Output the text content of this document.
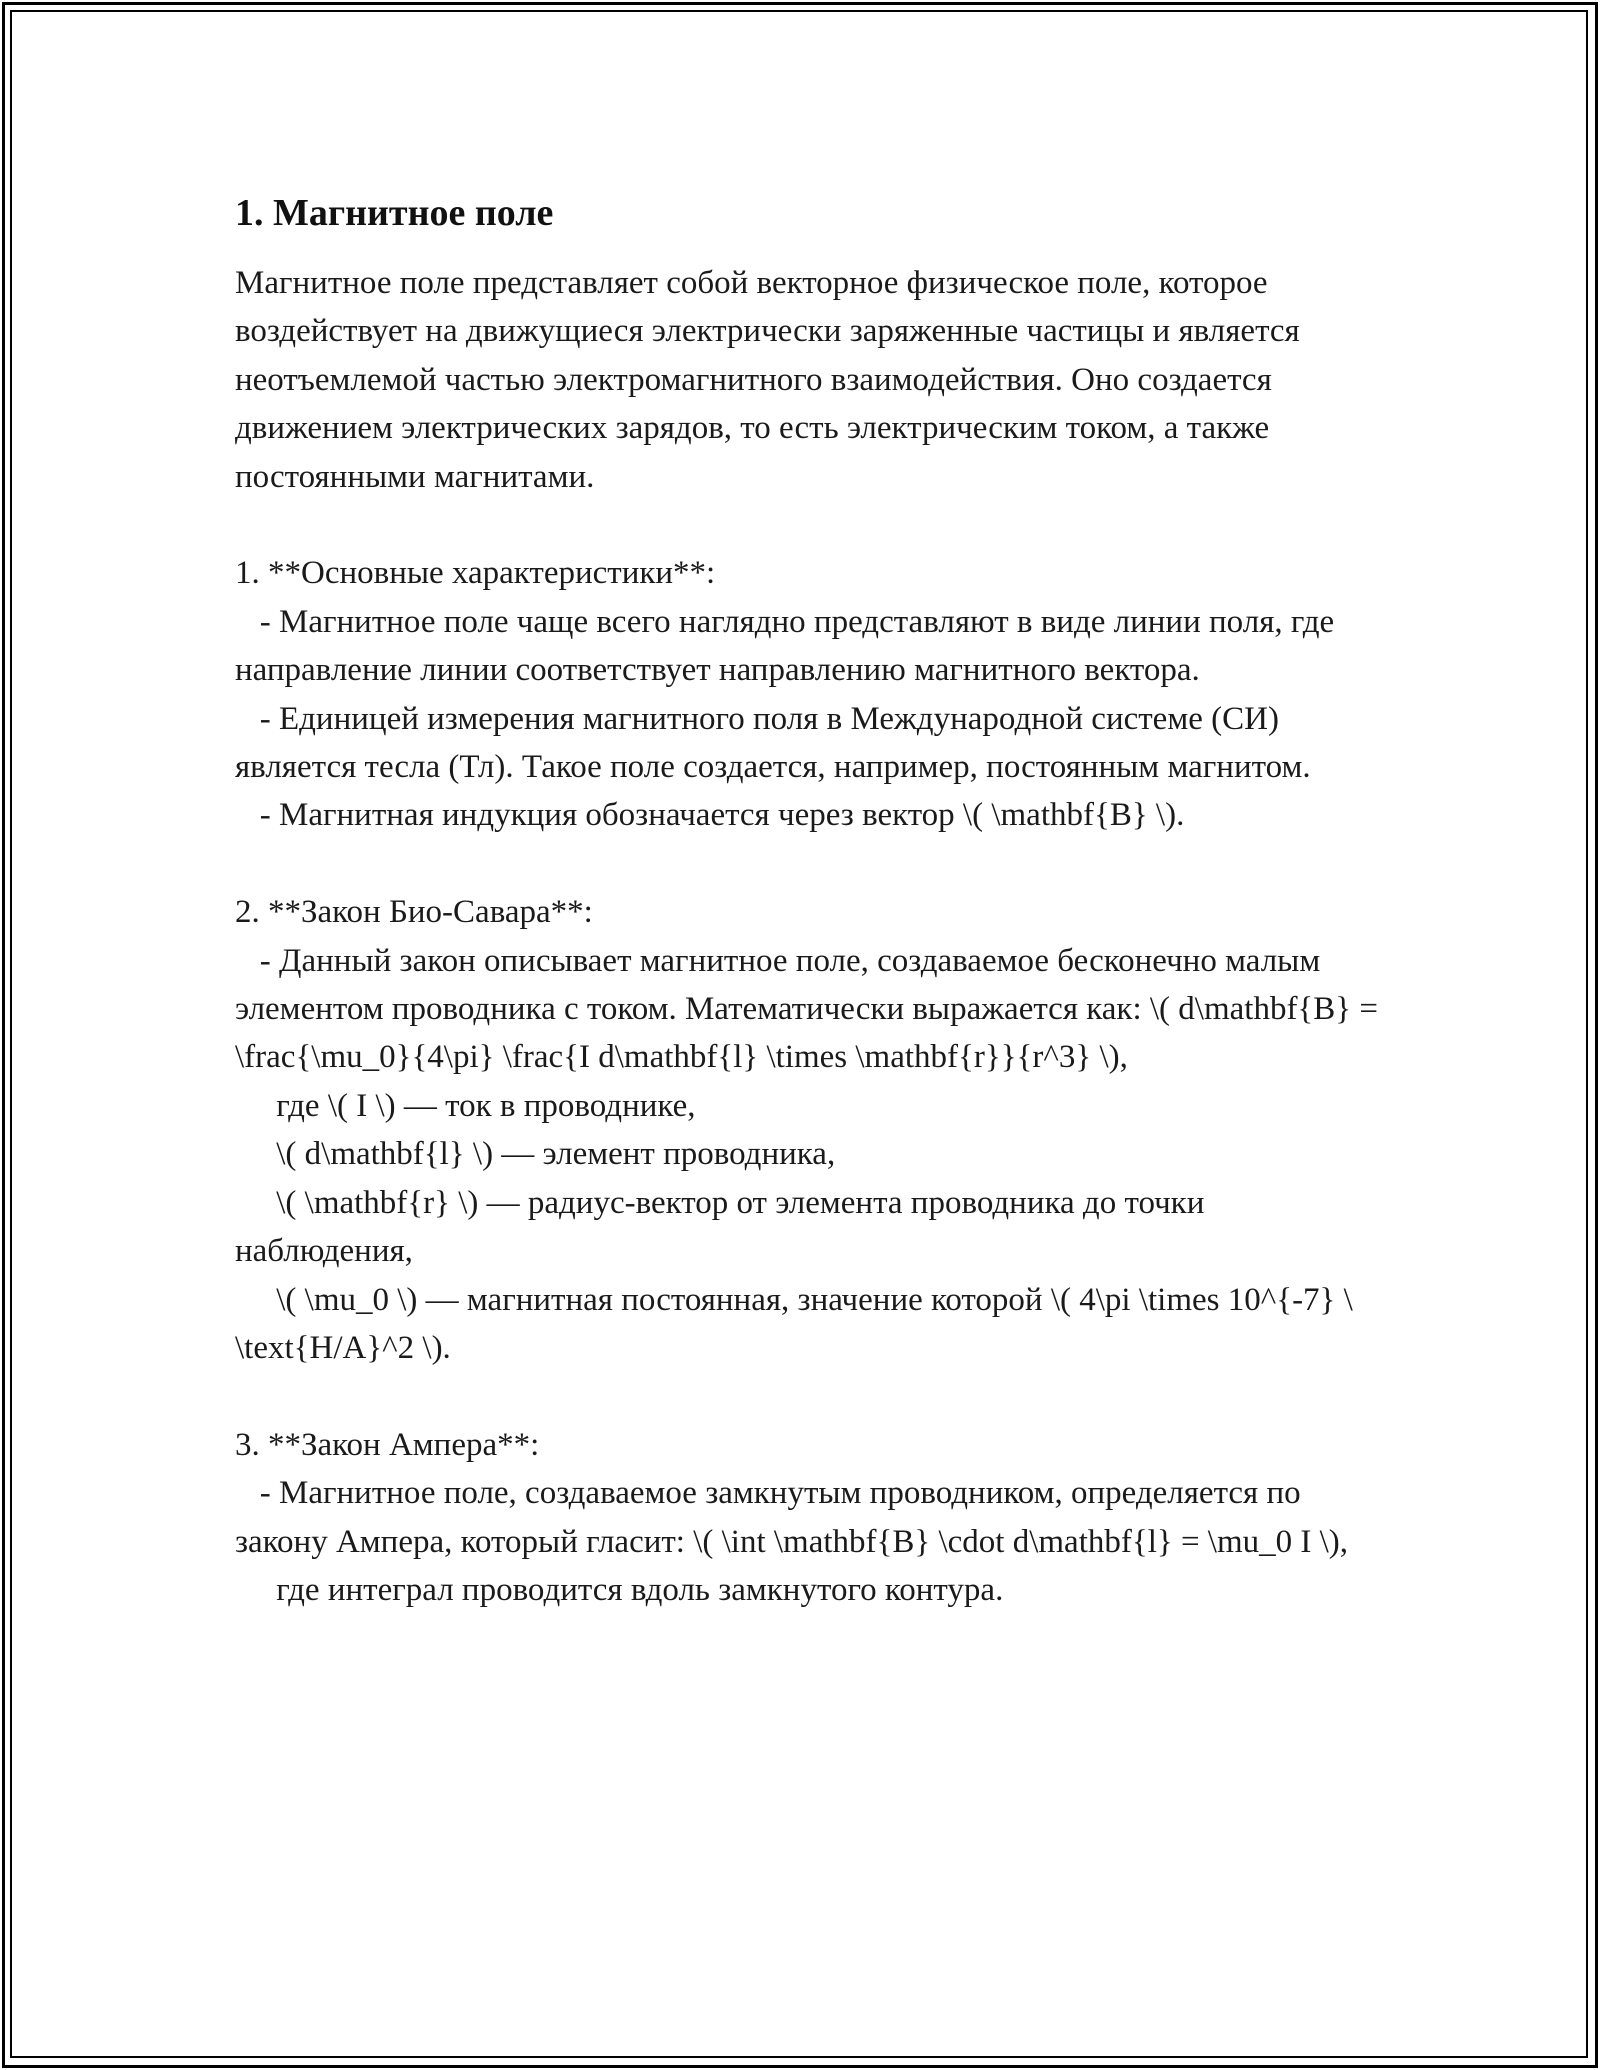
1. Магнитное поле

Магнитное поле представляет собой векторное физическое поле, которое воздействует на движущиеся электрически заряженные частицы и является неотъемлемой частью электромагнитного взаимодействия. Оно создается движением электрических зарядов, то есть электрическим током, а также постоянными магнитами.

1. **Основные характеристики**:

- Магнитное поле чаще всего наглядно представляют в виде линии поля, где направление линии соответствует направлению магнитного вектора.

- Единицей измерения магнитного поля в Международной системе (СИ) является тесла (Тл). Такое поле создается, например, постоянным магнитом.

- Магнитная индукция обозначается через вектор \( \mathbf{B} \).

2. **Закон Био-Савара**:

- Данный закон описывает магнитное поле, создаваемое бесконечно малым элементом проводника с током. Математически выражается как: \( d\mathbf{B} = \frac{\mu_0}{4\pi} \frac{I d\mathbf{l} \times \mathbf{r}}{r^3} \),

где \( I \) — ток в проводнике,

\( d\mathbf{l} \) — элемент проводника,

\( \mathbf{r} \) — радиус-вектор от элемента проводника до точки наблюдения,

\( \mu_0 \) — магнитная постоянная, значение которой \( 4\pi \times 10^{-7} \ \text{Н/А}^2 \).

3. **Закон Ампера**:

- Магнитное поле, создаваемое замкнутым проводником, определяется по закону Ампера, который гласит: \( \int \mathbf{B} \cdot d\mathbf{l} = \mu_0 I \),

где интеграл проводится вдоль замкнутого контура.
